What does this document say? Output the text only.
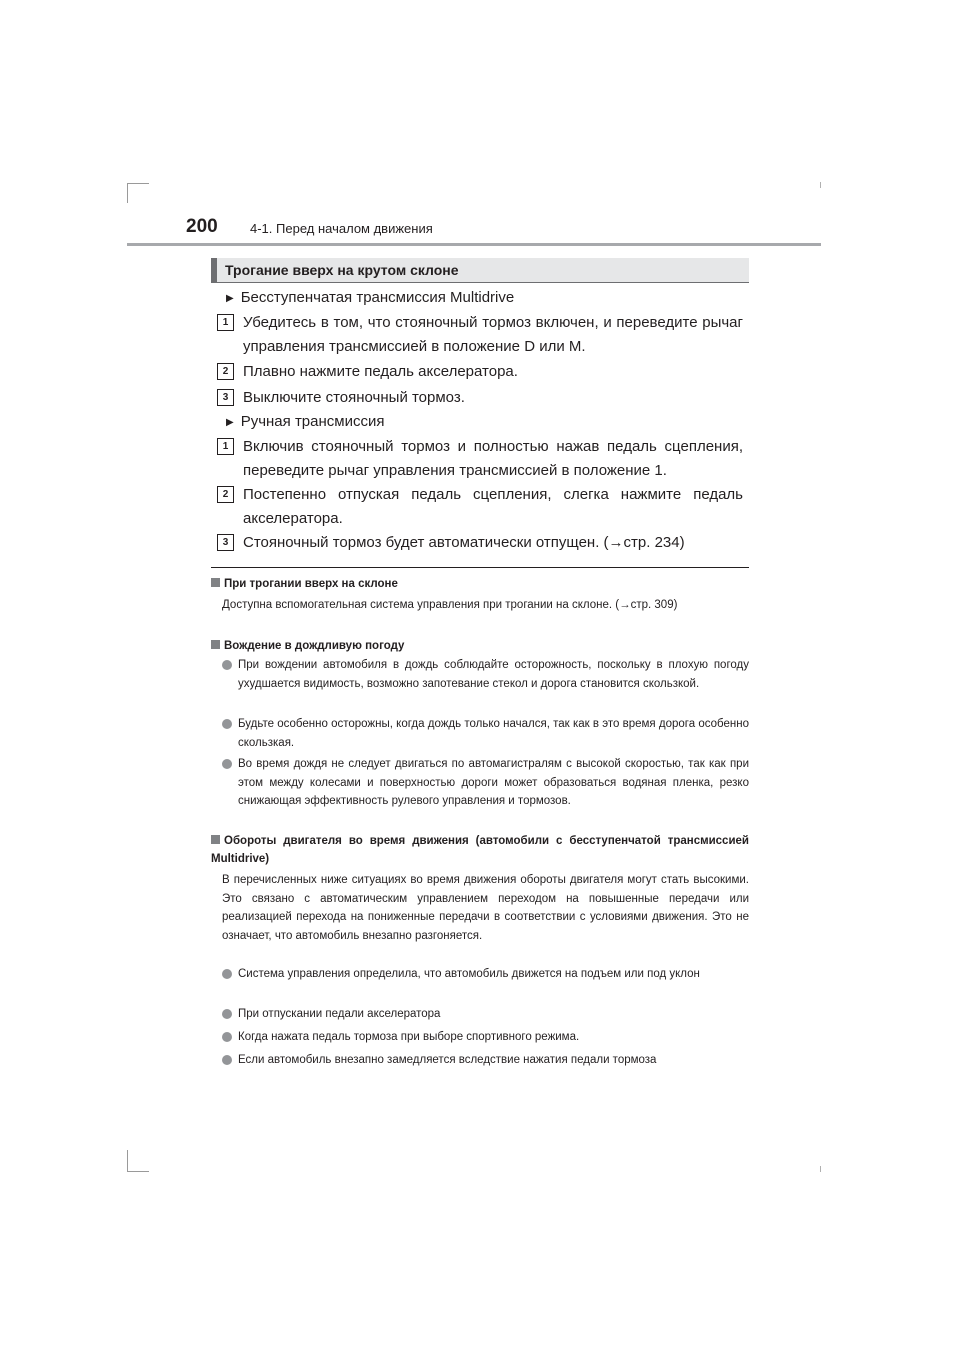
200 4-1. Перед началом движения
Трогание вверх на крутом склоне
▶ Бесступенчатая трансмиссия Multidrive
1 Убедитесь в том, что стояночный тормоз включен, и переведите рычаг управления трансмиссией в положение D или M.
2 Плавно нажмите педаль акселератора.
3 Выключите стояночный тормоз.
▶ Ручная трансмиссия
1 Включив стояночный тормоз и полностью нажав педаль сцепления, переведите рычаг управления трансмиссией в положение 1.
2 Постепенно отпуская педаль сцепления, слегка нажмите педаль акселератора.
3 Стояночный тормоз будет автоматически отпущен. (→стр. 234)
При трогании вверх на склоне
Доступна вспомогательная система управления при трогании на склоне. (→стр. 309)
Вождение в дождливую погоду
При вождении автомобиля в дождь соблюдайте осторожность, поскольку в плохую погоду ухудшается видимость, возможно запотевание стекол и дорога становится скользкой.
Будьте особенно осторожны, когда дождь только начался, так как в это время дорога особенно скользкая.
Во время дождя не следует двигаться по автомагистралям с высокой скоростью, так как при этом между колесами и поверхностью дороги может образоваться водяная пленка, резко снижающая эффективность рулевого управления и тормозов.
Обороты двигателя во время движения (автомобили с бесступенчатой трансмиссией Multidrive)
В перечисленных ниже ситуациях во время движения обороты двигателя могут стать высокими. Это связано с автоматическим управлением переходом на повышенные передачи или реализацией перехода на пониженные передачи в соответствии с условиями движения. Это не означает, что автомобиль внезапно разгоняется.
Система управления определила, что автомобиль движется на подъем или под уклон
При отпускании педали акселератора
Когда нажата педаль тормоза при выборе спортивного режима.
Если автомобиль внезапно замедляется вследствие нажатия педали тормоза
